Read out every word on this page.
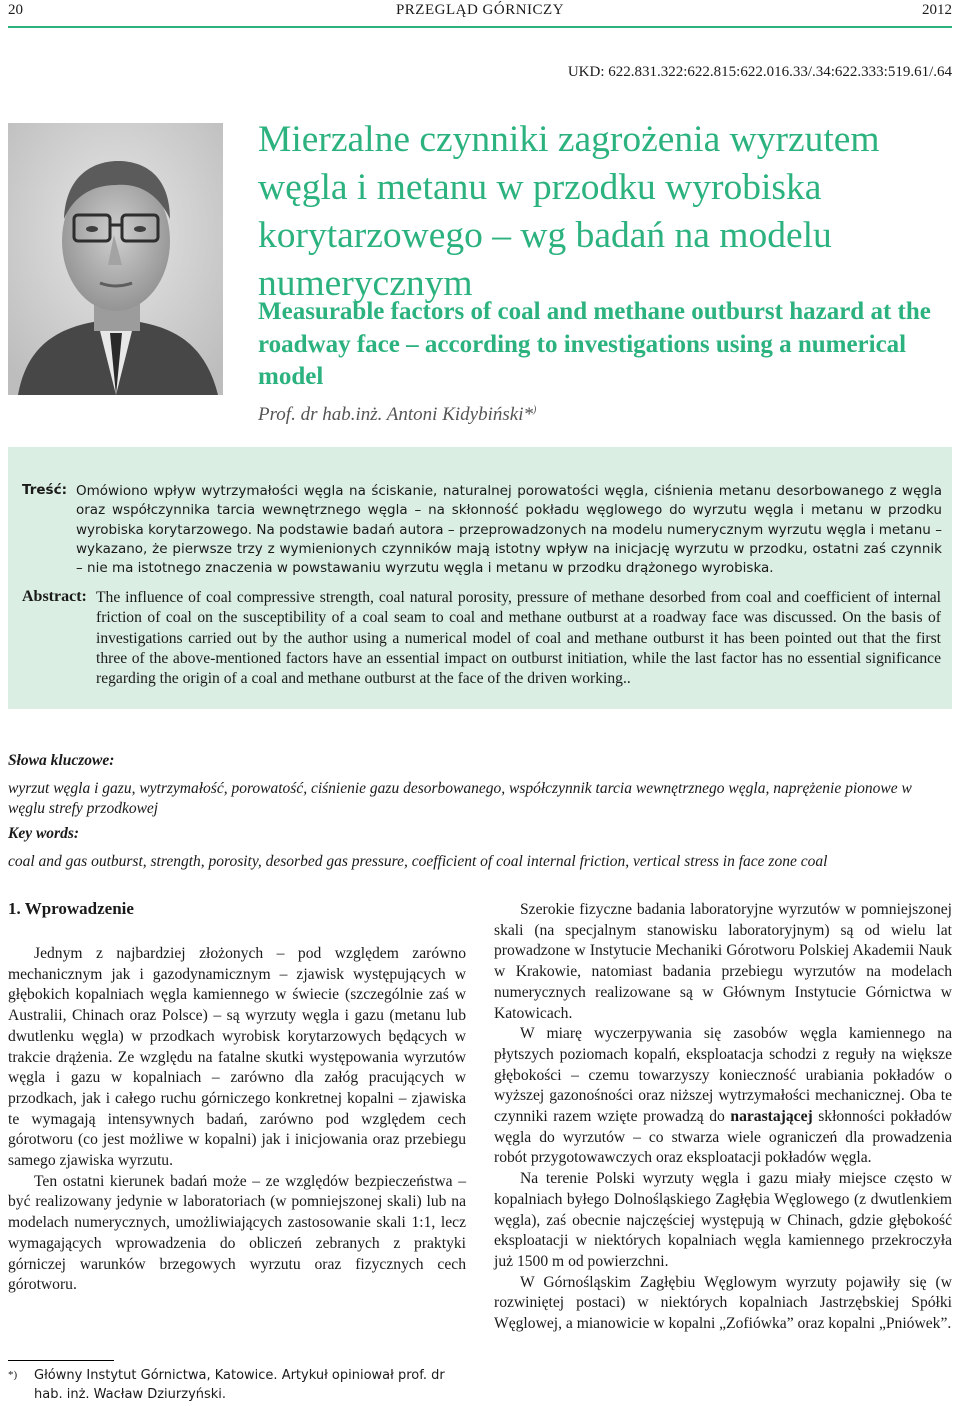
20	PRZEGLĄD GÓRNICZY	2012
UKD: 622.831.322:622.815:622.016.33/.34:622.333:519.61/.64
Mierzalne czynniki zagrożenia wyrzutem węgla i metanu w przodku wyrobiska korytarzowego – wg badań na modelu numerycznym
Measurable factors of coal and methane outburst hazard at the roadway face – according to investigations using a numerical model
Prof. dr hab.inż. Antoni Kidybiński*)
Treść: Omówiono wpływ wytrzymałości węgla na ściskanie, naturalnej porowatości węgla, ciśnienia metanu desorbowanego z węgla oraz współczynnika tarcia wewnętrznego węgla – na skłonność pokładu węglowego do wyrzutu węgla i metanu w przodku wyrobiska korytarzowego. Na podstawie badań autora – przeprowadzonych na modelu numerycznym wyrzutu węgla i metanu – wykazano, że pierwsze trzy z wymienionych czynników mają istotny wpływ na inicjację wyrzutu w przodku, ostatni zaś czynnik – nie ma istotnego znaczenia w powstawaniu wyrzutu węgla i metanu w przodku drążonego wyrobiska.
Abstract: The influence of coal compressive strength, coal natural porosity, pressure of methane desorbed from coal and coefficient of internal friction of coal on the susceptibility of a coal seam to coal and methane outburst at a roadway face was discussed. On the basis of investigations carried out by the author using a numerical model of coal and methane outburst it has been pointed out that the first three of the above-mentioned factors have an essential impact on outburst initiation, while the last factor has no essential significance regarding the origin of a coal and methane outburst at the face of the driven working..
Słowa kluczowe:
wyrzut węgla i gazu, wytrzymałość, porowatość, ciśnienie gazu desorbowanego, współczynnik tarcia wewnętrznego węgla, naprężenie pionowe w węglu strefy przodkowej
Key words:
coal and gas outburst, strength, porosity, desorbed gas pressure, coefficient of coal internal friction, vertical stress in face zone coal
1. Wprowadzenie

Jednym z najbardziej złożonych – pod względem zarówno mechanicznym jak i gazodynamicznym – zjawisk występujących w głębokich kopalniach węgla kamiennego w świecie (szczególnie zaś w Australii, Chinach oraz Polsce) – są wyrzuty węgla i gazu (metanu lub dwutlenku węgla) w przodkach wyrobisk korytarzowych będących w trakcie drążenia. Ze względu na fatalne skutki występowania wyrzutów węgla i gazu w kopalniach – zarówno dla załóg pracujących w przodkach, jak i całego ruchu górniczego konkretnej kopalni – zjawiska te wymagają intensywnych badań, zarówno pod względem cech górotworu (co jest możliwe w kopalni) jak i inicjowania oraz przebiegu samego zjawiska wyrzutu.

Ten ostatni kierunek badań może – ze względów bezpieczeństwa – być realizowany jedynie w laboratoriach (w pomniejszonej skali) lub na modelach numerycznych, umożliwiających zastosowanie skali 1:1, lecz wymagających wprowadzenia do obliczeń zebranych z praktyki górniczej warunków brzegowych wyrzutu oraz fizycznych cech górotworu.

Szerokie fizyczne badania laboratoryjne wyrzutów w pomniejszonej skali (na specjalnym stanowisku laboratoryjnym) są od wielu lat prowadzone w Instytucie Mechaniki Górotworu Polskiej Akademii Nauk w Krakowie, natomiast badania przebiegu wyrzutów na modelach numerycznych realizowane są w Głównym Instytucie Górnictwa w Katowicach.

W miarę wyczerpywania się zasobów węgla kamiennego na płytszych poziomach kopalń, eksploatacja schodzi z reguły na większe głębokości – czemu towarzyszy konieczność urabiania pokładów o wyższej gazonośności oraz niższej wytrzymałości mechanicznej. Oba te czynniki razem wzięte prowadzą do narastającej skłonności pokładów węgla do wyrzutów – co stwarza wiele ograniczeń dla prowadzenia robót przygotowawczych oraz eksploatacji pokładów węgla.

Na terenie Polski wyrzuty węgla i gazu miały miejsce często w kopalniach byłego Dolnośląskiego Zagłębia Węglowego (z dwutlenkiem węgla), zaś obecnie najczęściej występują w Chinach, gdzie głębokość eksploatacji w niektórych kopalniach węgla kamiennego przekroczyła już 1500 m od powierzchni.

W Górnośląskim Zagłębiu Węglowym wyrzuty pojawiły się (w rozwiniętej postaci) w niektórych kopalniach Jastrzębskiej Spółki Węglowej, a mianowicie w kopalni „Zofiówka” oraz kopalni „Pniówek”.

*) Główny Instytut Górnictwa, Katowice. Artykuł opiniował prof. dr hab. inż. Wacław Dziurzyński.
